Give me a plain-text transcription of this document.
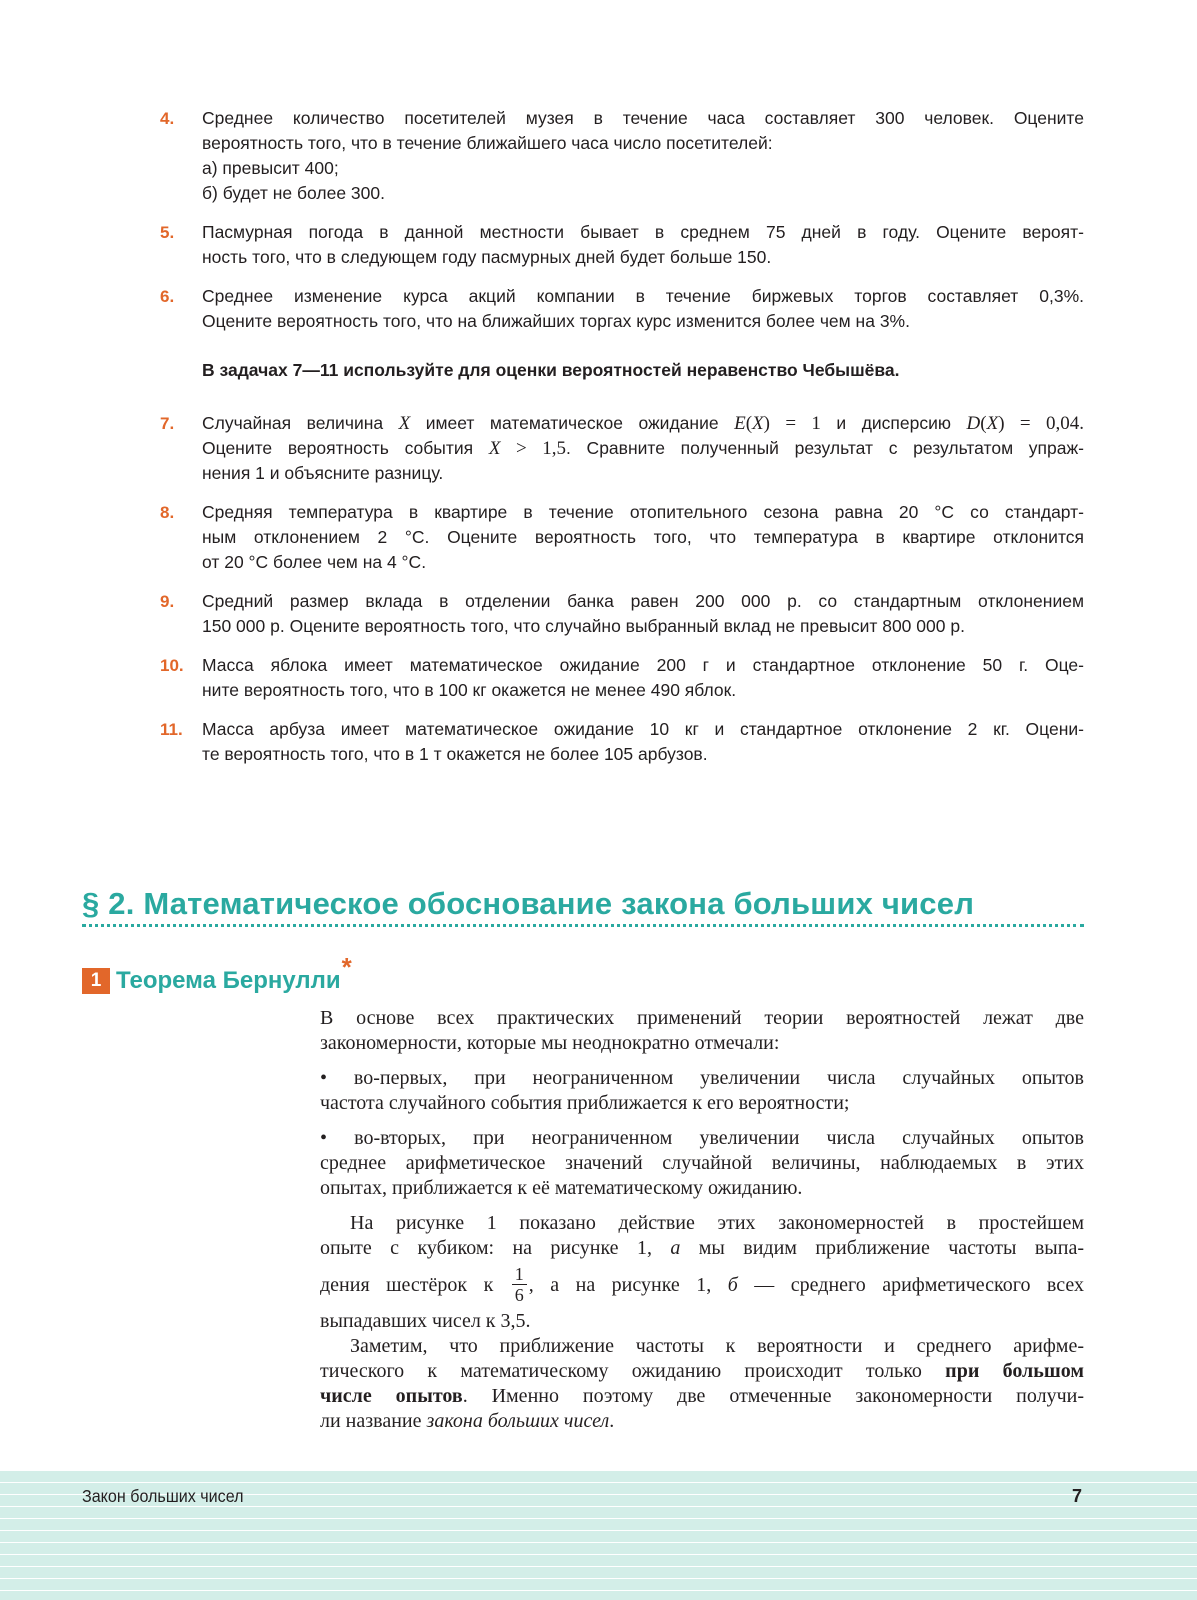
4.	Среднее количество посетителей музея в течение часа составляет 300 человек. Оцените
вероятность того, что в течение ближайшего часа число посетителей:
а) превысит 400;
б) будет не более 300.
5.	Пасмурная погода в данной местности бывает в среднем 75 дней в году. Оцените вероят-
ность того, что в следующем году пасмурных дней будет больше 150.
6.	Среднее изменение курса акций компании в течение биржевых торгов составляет 0,3%.
Оцените вероятность того, что на ближайших торгах курс изменится более чем на 3%.
В задачах 7—11 используйте для оценки вероятностей неравенство Чебышёва.
7.	Случайная величина X имеет математическое ожидание E(X) = 1 и дисперсию D(X) = 0,04.
Оцените вероятность события X > 1,5. Сравните полученный результат с результатом упраж-
нения 1 и объясните разницу.
8.	Средняя температура в квартире в течение отопительного сезона равна 20 °С со стандарт-
ным отклонением 2 °С. Оцените вероятность того, что температура в квартире отклонится
от 20 °С более чем на 4 °С.
9.	Средний размер вклада в отделении банка равен 200 000 р. со стандартным отклонением
150 000 р. Оцените вероятность того, что случайно выбранный вклад не превысит 800 000 р.
10.	Масса яблока имеет математическое ожидание 200 г и стандартное отклонение 50 г. Оце-
ните вероятность того, что в 100 кг окажется не менее 490 яблок.
11.	Масса арбуза имеет математическое ожидание 10 кг и стандартное отклонение 2 кг. Оцени-
те вероятность того, что в 1 т окажется не более 105 арбузов.
§ 2. Математическое обоснование закона больших чисел
1 Теорема Бернулли*
В основе всех практических применений теории вероятностей лежат две
закономерности, которые мы неоднократно отмечали:
• во-первых, при неограниченном увеличении числа случайных опытов
частота случайного события приближается к его вероятности;
• во-вторых, при неограниченном увеличении числа случайных опытов
среднее арифметическое значений случайной величины, наблюдаемых в этих
опытах, приближается к её математическому ожиданию.
На рисунке 1 показано действие этих закономерностей в простейшем
опыте с кубиком: на рисунке 1, а мы видим приближение частоты выпа-
дения шестёрок к $\frac{1}{6}$ , а на рисунке 1, б — среднего арифметического всех
выпадавших чисел к 3,5.
Заметим, что приближение частоты к вероятности и среднего арифме-
тического к математическому ожиданию происходит только при большом
числе опытов. Именно поэтому две отмеченные закономерности получи-
ли название закона больших чисел.
Закон больших чисел	7
